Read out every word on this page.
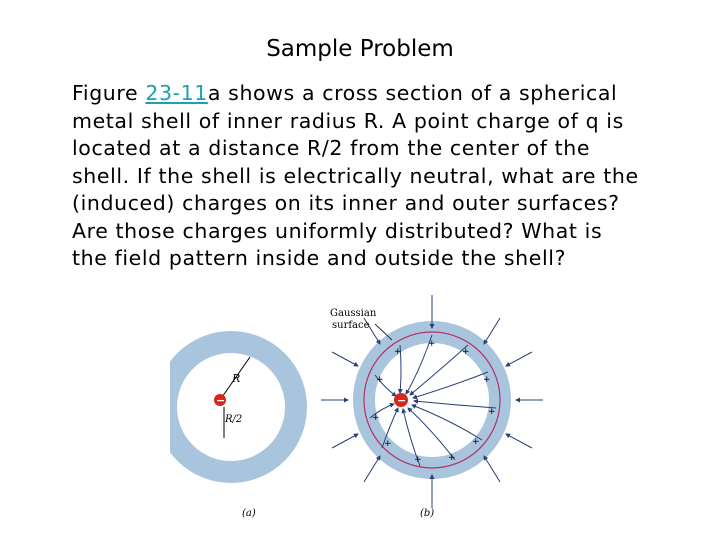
Sample Problem
Figure 23-11a shows a cross section of a spherical
metal shell of inner radius R. A point charge of q is
located at a distance R/2 from the center of the
shell. If the shell is electrically neutral, what are the
(induced) charges on its inner and outer surfaces?
Are those charges uniformly distributed? What is
the field pattern inside and outside the shell?
R
R/2
−
(a)
+
+
+
+
+
+
+
+
+
+
+
−
Gaussian
surface
(b)
